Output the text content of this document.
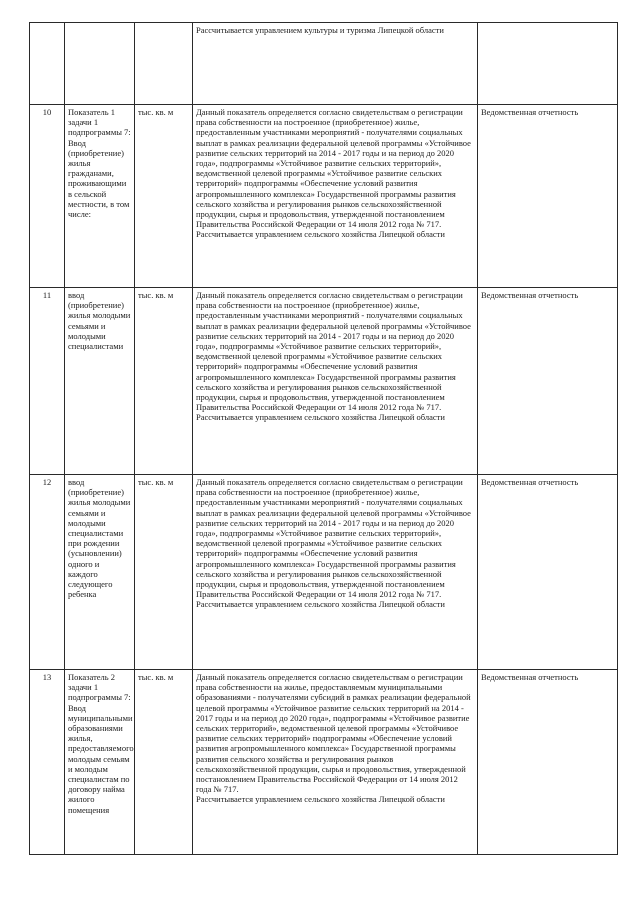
			Рассчитывается управлением культуры и туризма Липецкой области	

10	Показатель 1 задачи 1 подпрограммы 7: Ввод (приобретение) жилья гражданами, проживающими в сельской местности, в том числе:	тыс. кв. м	Данный показатель определяется согласно свидетельствам о регистрации права собственности на построенное (приобретенное) жилье, предоставленным участниками мероприятий - получателями социальных выплат в рамках реализации федеральной целевой программы «Устойчивое развитие сельских территорий на 2014 - 2017 годы и на период до 2020 года», подпрограммы «Устойчивое развитие сельских территорий», ведомственной целевой программы «Устойчивое развитие сельских территорий» подпрограммы «Обеспечение условий развития агропромышленного комплекса» Государственной программы развития сельского хозяйства и регулирования рынков сельскохозяйственной продукции, сырья и продовольствия, утвержденной постановлением Правительства Российской Федерации от 14 июля 2012 года № 717.

Рассчитывается управлением сельского хозяйства Липецкой области	Ведомственная отчетность
11	ввод (приобретение) жилья молодыми семьями и молодыми специалистами	тыс. кв. м	Данный показатель определяется согласно свидетельствам о регистрации права собственности на построенное (приобретенное) жилье, предоставленным участниками мероприятий - получателями социальных выплат в рамках реализации федеральной целевой программы «Устойчивое развитие сельских территорий на 2014 - 2017 годы и на период до 2020 года», подпрограммы «Устойчивое развитие сельских территорий», ведомственной целевой программы «Устойчивое развитие сельских территорий» подпрограммы «Обеспечение условий развития агропромышленного комплекса» Государственной программы развития сельского хозяйства и регулирования рынков сельскохозяйственной продукции, сырья и продовольствия, утвержденной постановлением Правительства Российской Федерации от 14 июля 2012 года № 717.

Рассчитывается управлением сельского хозяйства Липецкой области	Ведомственная отчетность
12	ввод (приобретение) жилья молодыми семьями и молодыми специалистами при рождении (усыновлении) одного и каждого следующего ребенка	тыс. кв. м	Данный показатель определяется согласно свидетельствам о регистрации права собственности на построенное (приобретенное) жилье, предоставленным участниками мероприятий - получателями социальных выплат в рамках реализации федеральной целевой программы «Устойчивое развитие сельских территорий на 2014 - 2017 годы и на период до 2020 года», подпрограммы «Устойчивое развитие сельских территорий», ведомственной целевой программы «Устойчивое развитие сельских территорий» подпрограммы «Обеспечение условий развития агропромышленного комплекса» Государственной программы развития сельского хозяйства и регулирования рынков сельскохозяйственной продукции, сырья и продовольствия, утвержденной постановлением Правительства Российской Федерации от 14 июля 2012 года № 717.

Рассчитывается управлением сельского хозяйства Липецкой области	Ведомственная отчетность
13	Показатель 2 задачи 1 подпрограммы 7: Ввод муниципальными образованиями жилья, предоставляемого молодым семьям и молодым специалистам по договору найма жилого помещения	тыс. кв. м	Данный показатель определяется согласно свидетельствам о регистрации права собственности на жилье, предоставляемым муниципальными образованиями - получателями субсидий в рамках реализации федеральной целевой программы «Устойчивое развитие сельских территорий на 2014 - 2017 годы и на период до 2020 года», подпрограммы «Устойчивое развитие сельских территорий», ведомственной целевой программы «Устойчивое развитие сельских территорий» подпрограммы «Обеспечение условий развития агропромышленного комплекса» Государственной программы развития сельского хозяйства и регулирования рынков сельскохозяйственной продукции, сырья и продовольствия, утвержденной постановлением Правительства Российской Федерации от 14 июля 2012 года № 717.

Рассчитывается управлением сельского хозяйства Липецкой области	Ведомственная отчетность
